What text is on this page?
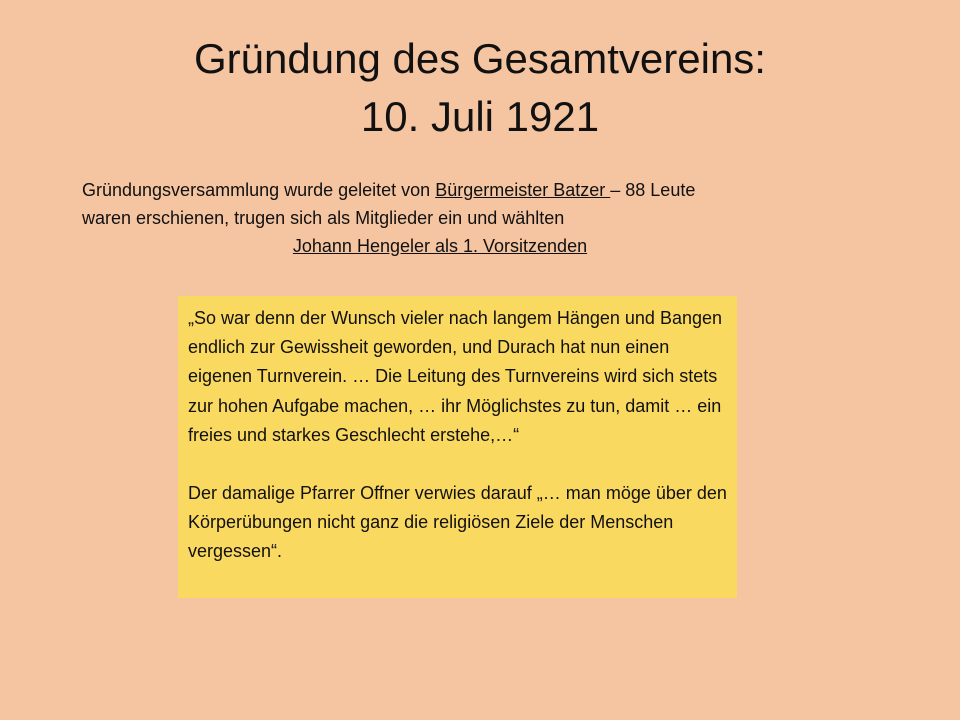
Gründung des Gesamtvereins:
10. Juli 1921
Gründungsversammlung wurde geleitet von Bürgermeister Batzer – 88 Leute
waren erschienen, trugen sich als Mitglieder ein und wählten
Johann Hengeler als 1. Vorsitzenden

„So war denn der Wunsch vieler nach langem Hängen und Bangen endlich zur Gewissheit geworden, und Durach hat nun einen eigenen Turnverein. … Die Leitung des Turnvereins wird sich stets zur hohen Aufgabe machen, … ihr Möglichstes zu tun, damit … ein freies und starkes Geschlecht erstehe,…“

Der damalige Pfarrer Offner verwies darauf „… man möge über den Körperübungen nicht ganz die religiösen Ziele der Menschen vergessen“.
